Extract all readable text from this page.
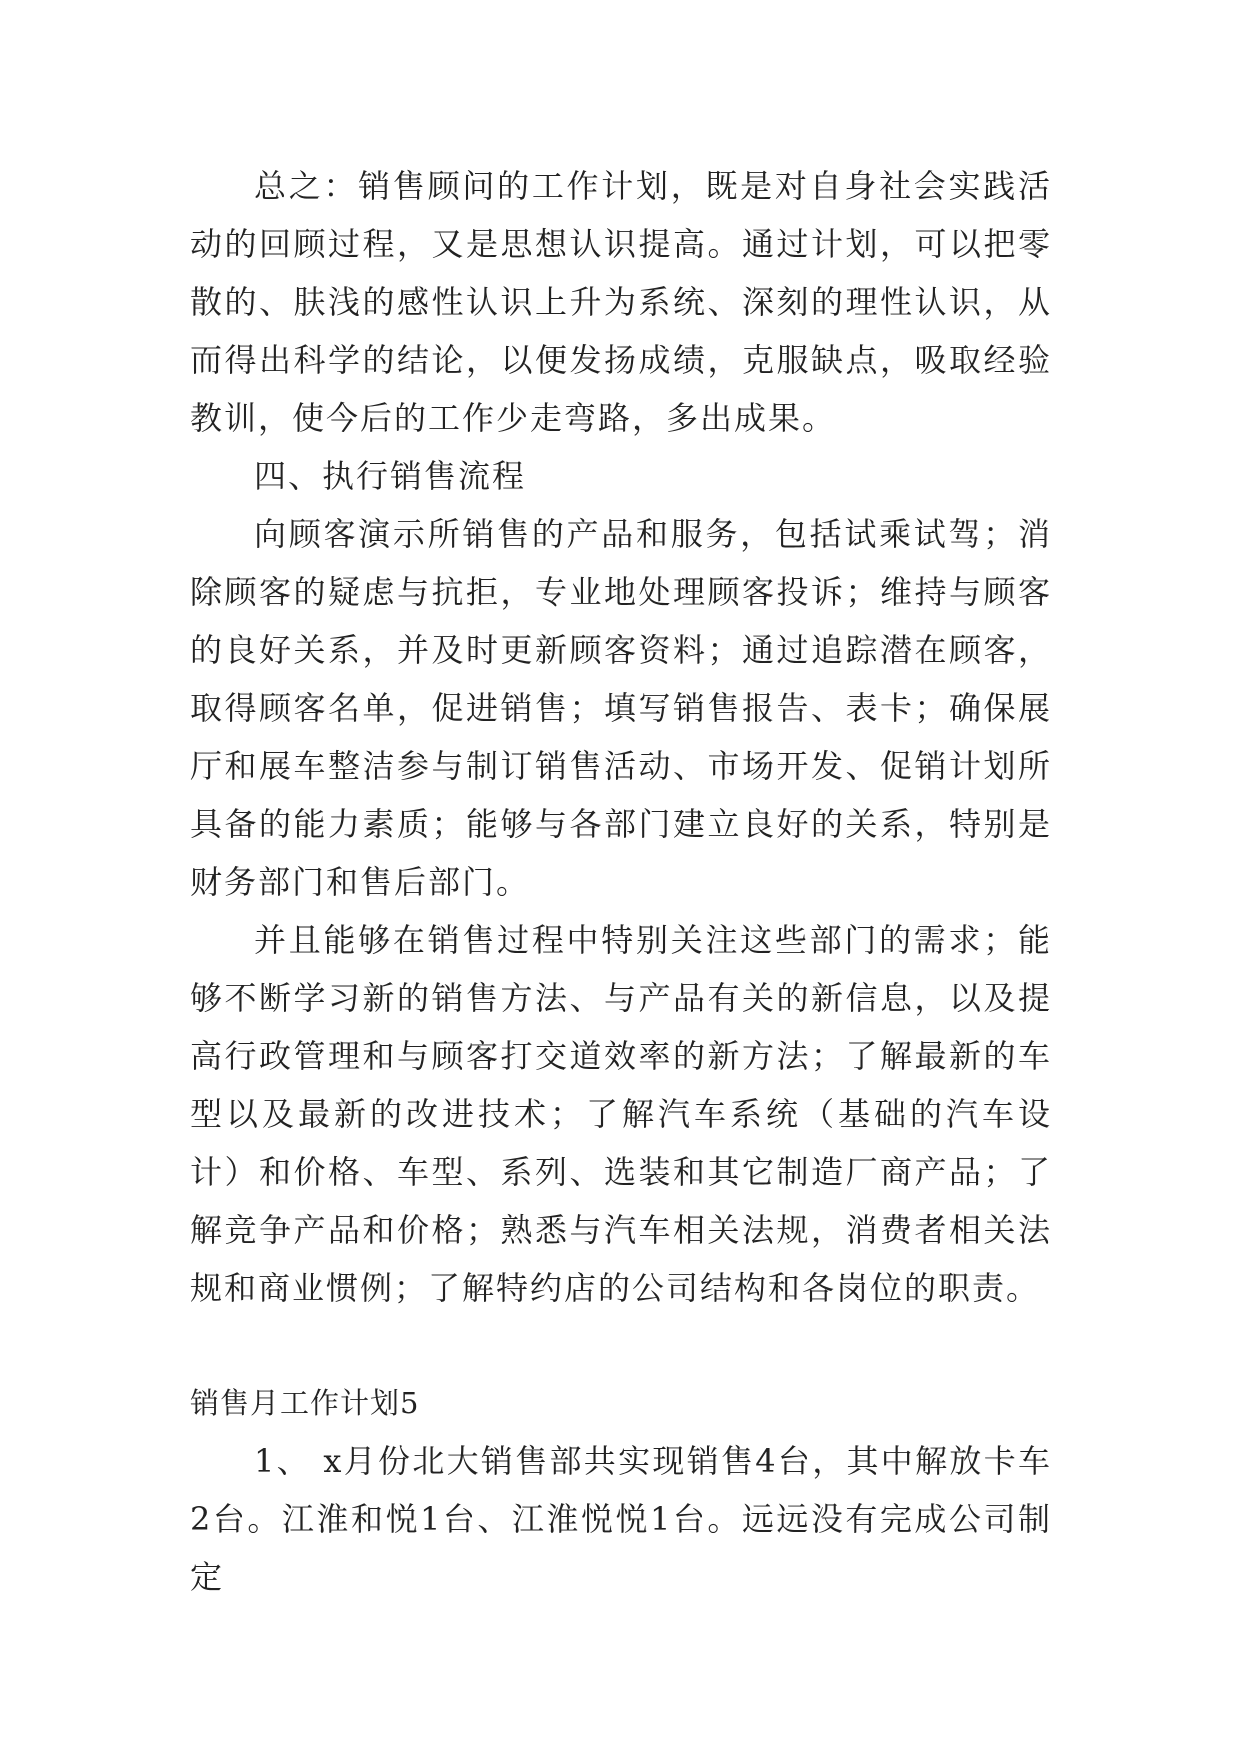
总之：销售顾问的工作计划，既是对自身社会实践活动的回顾过程，又是思想认识提高。通过计划，可以把零散的、肤浅的感性认识上升为系统、深刻的理性认识，从而得出科学的结论，以便发扬成绩，克服缺点，吸取经验教训，使今后的工作少走弯路，多出成果。

四、执行销售流程

向顾客演示所销售的产品和服务，包括试乘试驾；消除顾客的疑虑与抗拒，专业地处理顾客投诉；维持与顾客的良好关系，并及时更新顾客资料；通过追踪潜在顾客，取得顾客名单，促进销售；填写销售报告、表卡；确保展厅和展车整洁参与制订销售活动、市场开发、促销计划所具备的能力素质；能够与各部门建立良好的关系，特别是财务部门和售后部门。

并且能够在销售过程中特别关注这些部门的需求；能够不断学习新的销售方法、与产品有关的新信息，以及提高行政管理和与顾客打交道效率的新方法；了解最新的车型以及最新的改进技术；了解汽车系统（基础的汽车设计）和价格、车型、系列、选装和其它制造厂商产品；了解竞争产品和价格；熟悉与汽车相关法规，消费者相关法规和商业惯例；了解特约店的公司结构和各岗位的职责。

销售月工作计划5

1、 x月份北大销售部共实现销售4台，其中解放卡车2台。江淮和悦1台、江淮悦悦1台。远远没有完成公司制定
